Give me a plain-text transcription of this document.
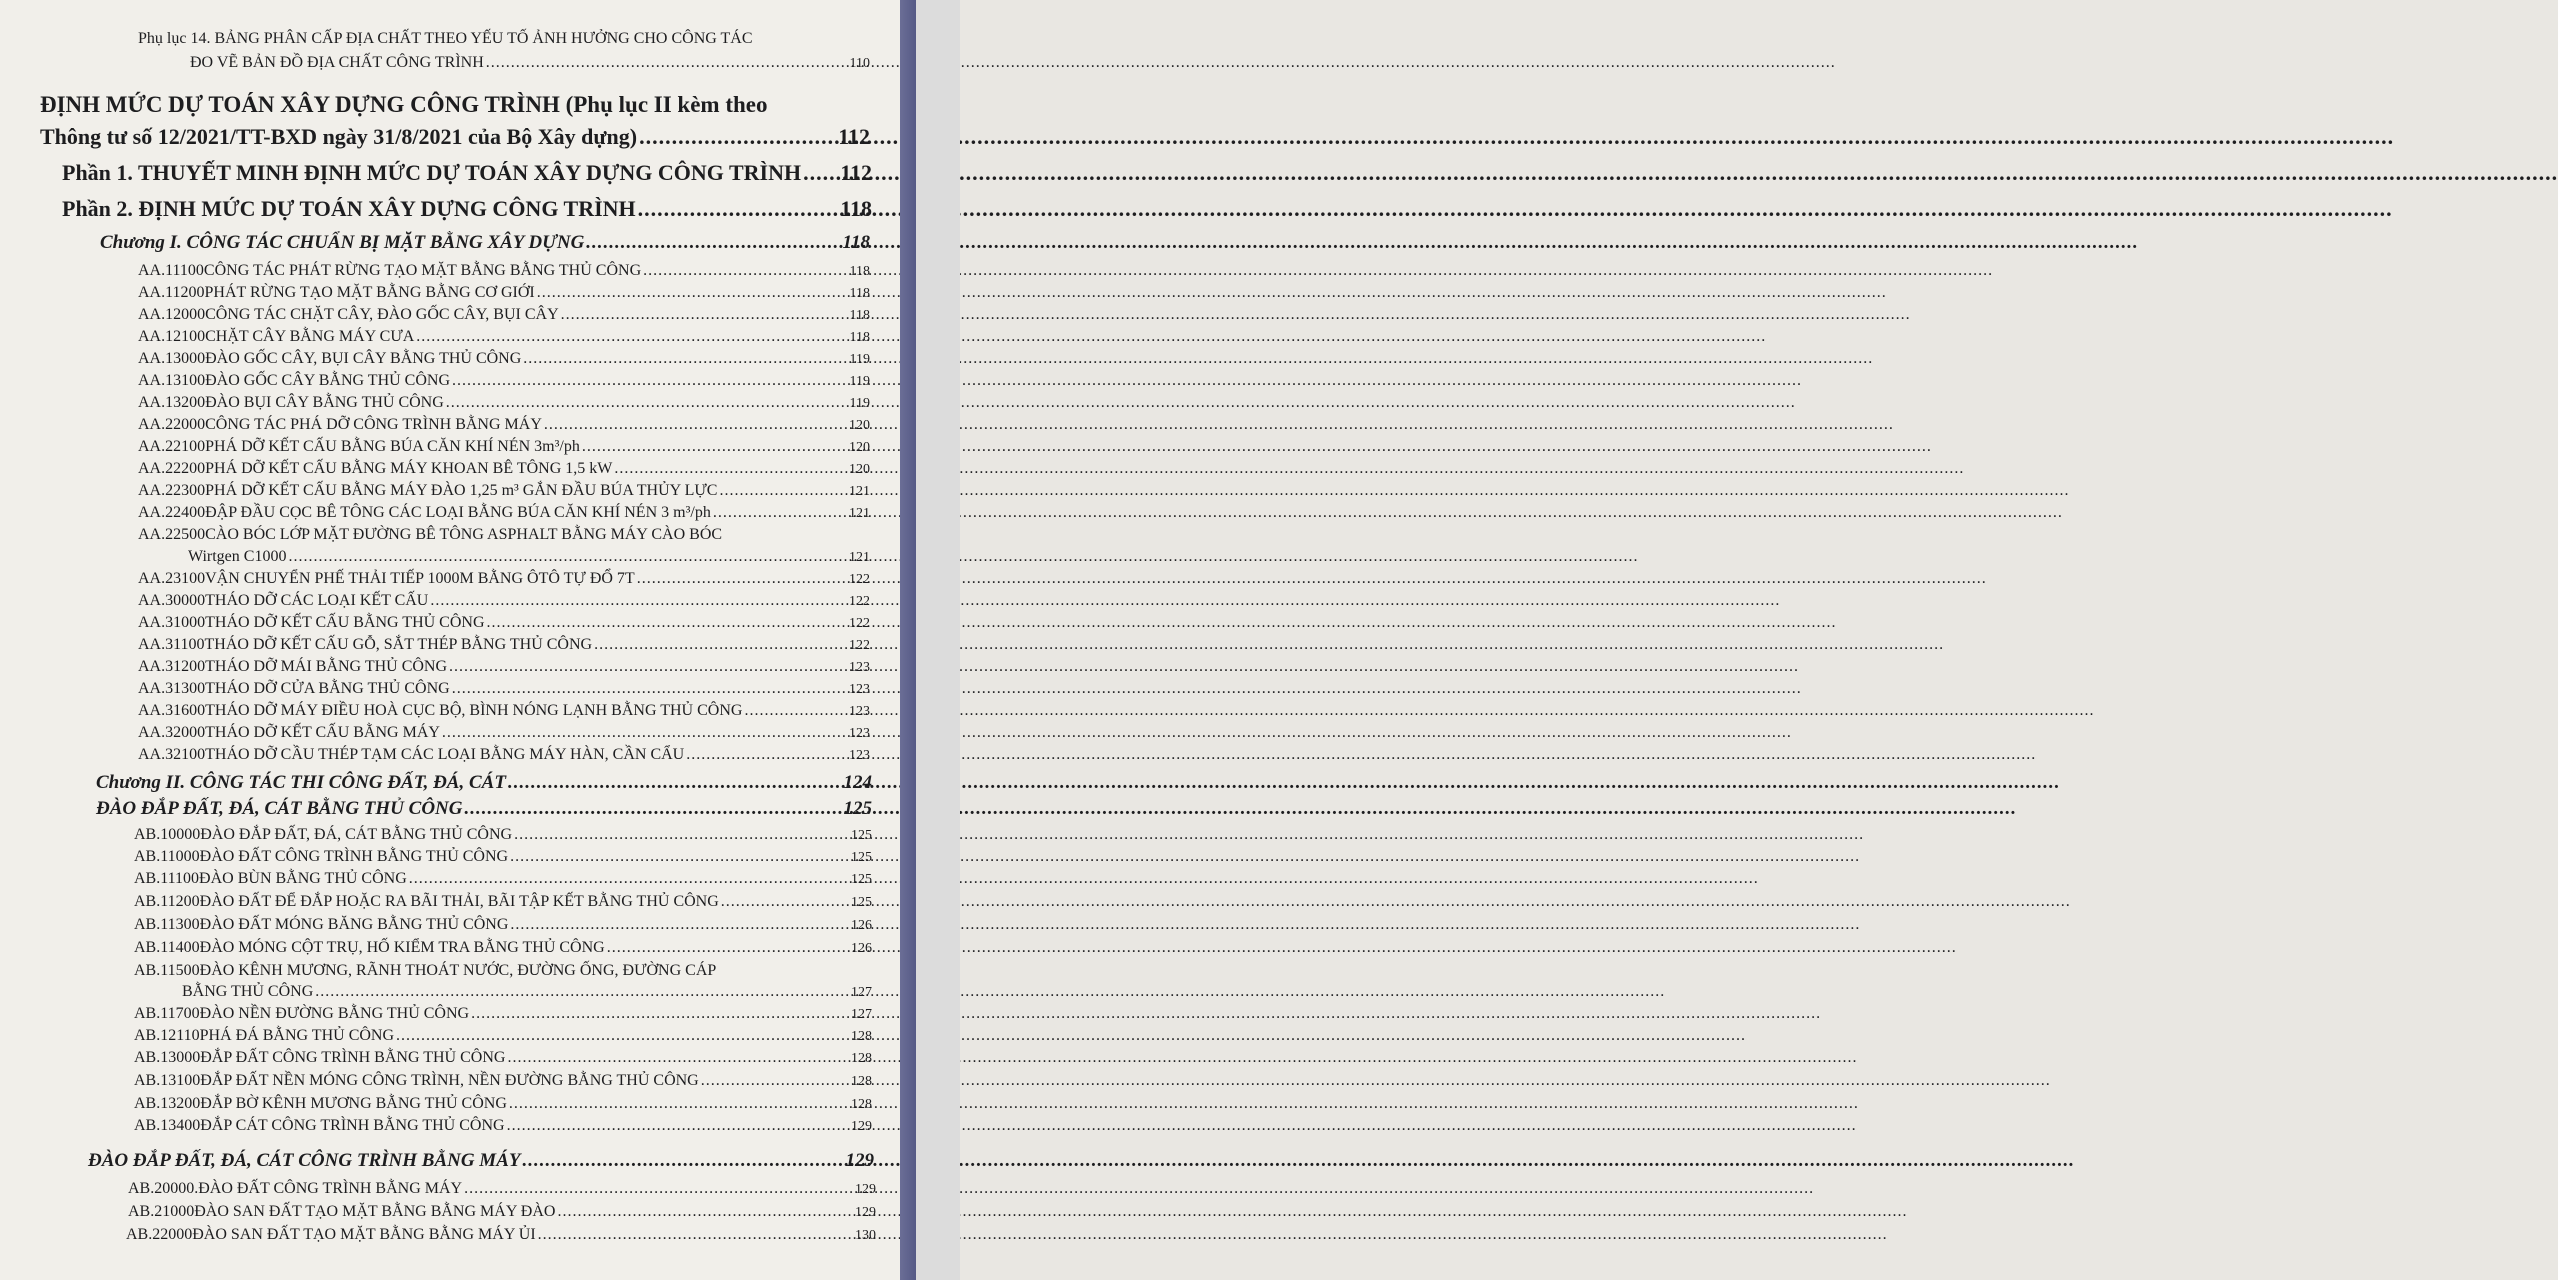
Phụ lục 14. BẢNG PHÂN CẤP ĐỊA CHẤT THEO YẾU TỐ ẢNH HƯỞNG CHO CÔNG TÁC
ĐO VẼ BẢN ĐỒ ĐỊA CHẤT CÔNG TRÌNH .....	110
ĐỊNH MỨC DỰ TOÁN XÂY DỰNG CÔNG TRÌNH (Phụ lục II kèm theo
Thông tư số 12/2021/TT-BXD ngày 31/8/2021 của Bộ Xây dựng) .....	112
Phần 1. THUYẾT MINH ĐỊNH MỨC DỰ TOÁN XÂY DỰNG CÔNG TRÌNH ..... 112
Phần 2. ĐỊNH MỨC DỰ TOÁN XÂY DỰNG CÔNG TRÌNH .....	118
Chương I. CÔNG TÁC CHUẨN BỊ MẶT BẰNG XÂY DỰNG .....	118
AA.11100 CÔNG TÁC PHÁT RỪNG TẠO MẶT BẰNG BẰNG THỦ CÔNG .....	118
AA.11200 PHÁT RỪNG TẠO MẶT BẰNG BẰNG CƠ GIỚI .....	118
AA.12000 CÔNG TÁC CHẶT CÂY, ĐÀO GỐC CÂY, BỤI CÂY .....	118
AA.12100 CHẶT CÂY BẰNG MÁY CƯA .....	118
AA.13000 ĐÀO GỐC CÂY, BỤI CÂY BẰNG THỦ CÔNG .....	119
AA.13100 ĐÀO GỐC CÂY BẰNG THỦ CÔNG .....	119
AA.13200 ĐÀO BỤI CÂY BẰNG THỦ CÔNG .....	119
AA.22000 CÔNG TÁC PHÁ DỠ CÔNG TRÌNH BẰNG MÁY .....	120
AA.22100 PHÁ DỠ KẾT CẤU BẰNG BÚA CĂN KHÍ NÉN 3m³/ph .....	120
AA.22200 PHÁ DỠ KẾT CẤU BẰNG MÁY KHOAN BÊ TÔNG 1,5 kW .....	120
AA.22300 PHÁ DỠ KẾT CẤU BẰNG MÁY ĐÀO 1,25 m³ GẮN ĐẦU BÚA THỦY LỰC .....	121
AA.22400 ĐẬP ĐẦU CỌC BÊ TÔNG CÁC LOẠI BẰNG BÚA CĂN KHÍ NÉN 3 m³/ph .....	121
AA.22500CÀO BÓC LỚP MẶT ĐƯỜNG BÊ TÔNG ASPHALT BẰNG MÁY CÀO BÓC
Wirtgen C1000 .....	121
AA.23100 VẬN CHUYỂN PHẾ THẢI TIẾP 1000M BẰNG ÔTÔ TỰ ĐỔ 7T .....	122
AA.30000 THÁO DỠ CÁC LOẠI KẾT CẤU .....	122
AA.31000 THÁO DỠ KẾT CẤU BẰNG THỦ CÔNG .....	122
AA.31100 THÁO DỠ KẾT CẤU GỖ, SẮT THÉP BẰNG THỦ CÔNG .....	122
AA.31200 THÁO DỠ MÁI BẰNG THỦ CÔNG .....	123
AA.31300 THÁO DỠ CỬA BẰNG THỦ CÔNG .....	123
AA.31600 THÁO DỠ MÁY ĐIỀU HOÀ CỤC BỘ, BÌNH NÓNG LẠNH BẰNG THỦ CÔNG .....	123
AA.32000 THÁO DỠ KẾT CẤU BẰNG MÁY .....	123
AA.32100 THÁO DỠ CẦU THÉP TẠM CÁC LOẠI BẰNG MÁY HÀN, CẦN CẨU .....	123
Chương II. CÔNG TÁC THI CÔNG ĐẤT, ĐÁ, CÁT .....	124
ĐÀO ĐẮP ĐẤT, ĐÁ, CÁT BẰNG THỦ CÔNG .....	125
AB.10000 ĐÀO ĐẮP ĐẤT, ĐÁ, CÁT BẰNG THỦ CÔNG .....	125
AB.11000 ĐÀO ĐẤT CÔNG TRÌNH BẰNG THỦ CÔNG .....	125
AB.11100 ĐÀO BÙN BẰNG THỦ CÔNG .....	125
AB.11200 ĐÀO ĐẤT ĐỂ ĐẮP HOẶC RA BÃI THẢI, BÃI TẬP KẾT BẰNG THỦ CÔNG .....	125
AB.11300 ĐÀO ĐẤT MÓNG BĂNG BẰNG THỦ CÔNG .....	126
AB.11400 ĐÀO MÓNG CỘT TRỤ, HỐ KIỂM TRA BẰNG THỦ CÔNG .....	126
AB.11500ĐÀO KÊNH MƯƠNG, RÃNH THOÁT NƯỚC, ĐƯỜNG ỐNG, ĐƯỜNG CÁP
BẰNG THỦ CÔNG .....	127
AB.11700 ĐÀO NỀN ĐƯỜNG BẰNG THỦ CÔNG .....	127
AB.12110 PHÁ ĐÁ BẰNG THỦ CÔNG .....	128
AB.13000 ĐẮP ĐẤT CÔNG TRÌNH BẰNG THỦ CÔNG .....	128
AB.13100 ĐẮP ĐẤT NỀN MÓNG CÔNG TRÌNH, NỀN ĐƯỜNG BẰNG THỦ CÔNG .....	128
AB.13200 ĐẮP BỜ KÊNH MƯƠNG BẰNG THỦ CÔNG .....	128
AB.13400 ĐẮP CÁT CÔNG TRÌNH BẰNG THỦ CÔNG .....	129
ĐÀO ĐẮP ĐẤT, ĐÁ, CÁT CÔNG TRÌNH BẰNG MÁY .....	129
AB.20000. ĐÀO ĐẤT CÔNG TRÌNH BẰNG MÁY .....	129
AB.21000 ĐÀO SAN ĐẤT TẠO MẶT BẰNG BẰNG MÁY ĐÀO .....	129
AB.22000 ĐÀO SAN ĐẤT TẠO MẶT BẰNG BẰNG MÁY ỦI .....	130
